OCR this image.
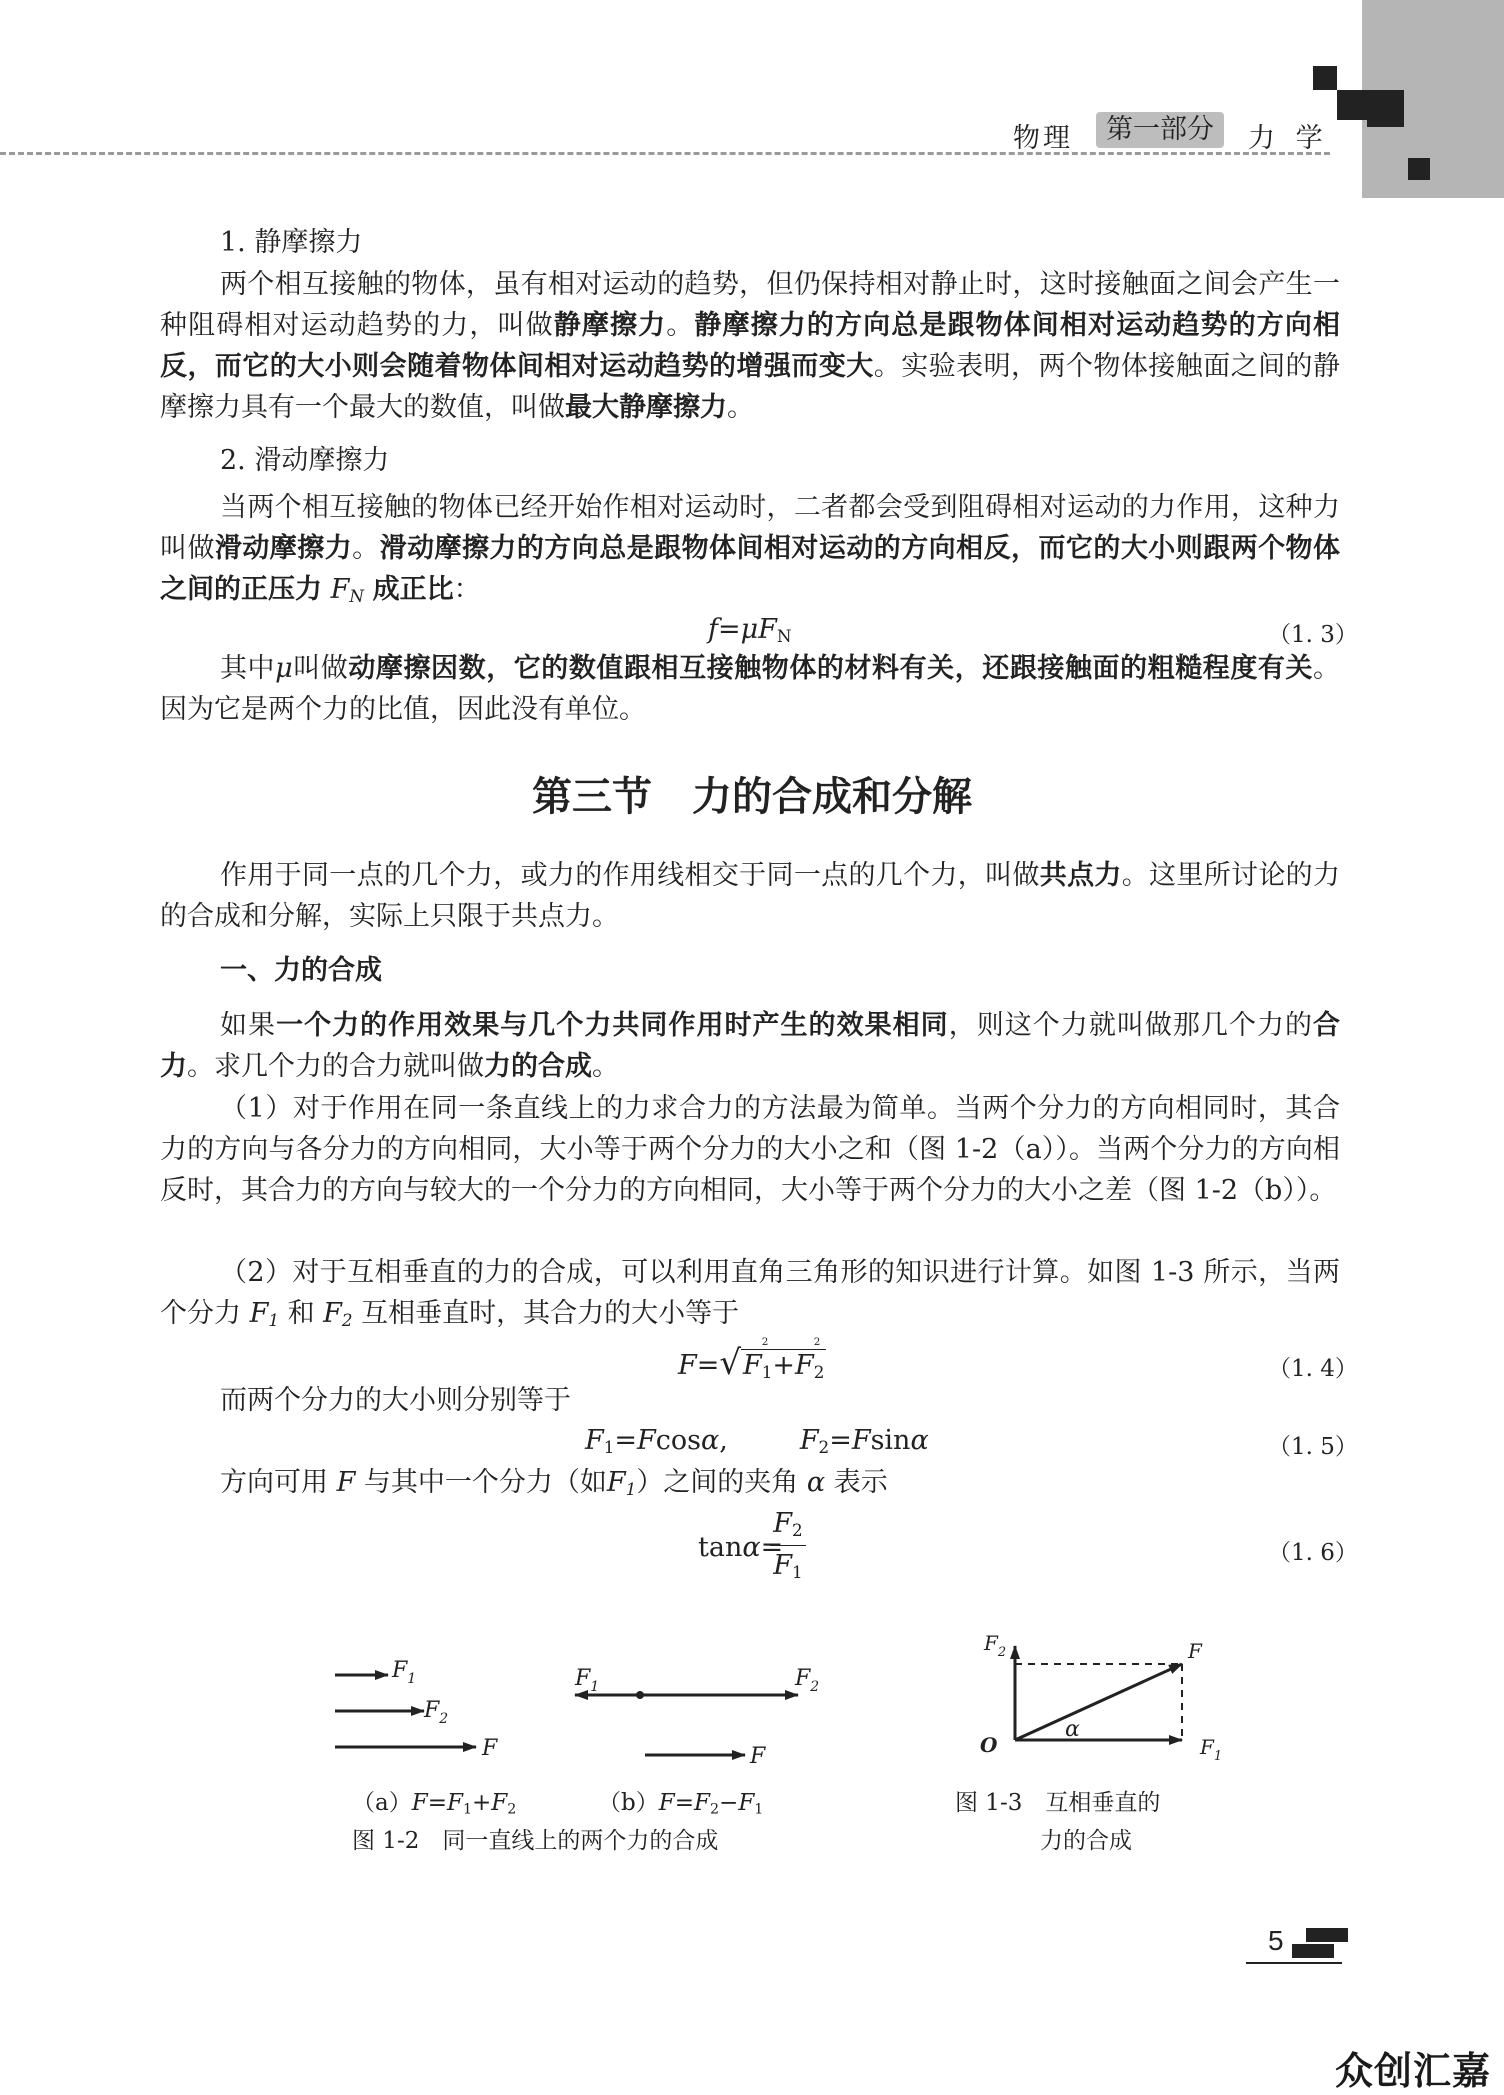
物理	第一部分	力 学
1. 静摩擦力
两个相互接触的物体，虽有相对运动的趋势，但仍保持相对静止时，这时接触面之间会产生一种阻碍相对运动趋势的力，叫做静摩擦力。静摩擦力的方向总是跟物体间相对运动趋势的方向相反，而它的大小则会随着物体间相对运动趋势的增强而变大。实验表明，两个物体接触面之间的静摩擦力具有一个最大的数值，叫做最大静摩擦力。
2. 滑动摩擦力
当两个相互接触的物体已经开始作相对运动时，二者都会受到阻碍相对运动的力作用，这种力叫做滑动摩擦力。滑动摩擦力的方向总是跟物体间相对运动的方向相反，而它的大小则跟两个物体之间的正压力 $F_N$ 成正比：
$f=\mu F_N$	（1. 3）
其中μ叫做动摩擦因数，它的数值跟相互接触物体的材料有关，还跟接触面的粗糙程度有关。因为它是两个力的比值，因此没有单位。
第三节　力的合成和分解
作用于同一点的几个力，或力的作用线相交于同一点的几个力，叫做共点力。这里所讨论的力的合成和分解，实际上只限于共点力。
一、力的合成
如果一个力的作用效果与几个力共同作用时产生的效果相同，则这个力就叫做那几个力的合力。求几个力的合力就叫做力的合成。
（1）对于作用在同一条直线上的力求合力的方法最为简单。当两个分力的方向相同时，其合力的方向与各分力的方向相同，大小等于两个分力的大小之和（图 1-2（a））。当两个分力的方向相反时，其合力的方向与较大的一个分力的方向相同，大小等于两个分力的大小之差（图 1-2（b））。
（2）对于互相垂直的力的合成，可以利用直角三角形的知识进行计算。如图 1-3 所示，当两个分力 $F_1$ 和 $F_2$ 互相垂直时，其合力的大小等于
F=√F
$_{2 1}$+F
$_{2 2}$	（1. 4）
而两个分力的大小则分别等于
$F_1=Fcos\alpha$,	$F_2=Fsin\alpha$	（1. 5）
方向可用 F 与其中一个分力（如$F_1$）之间的夹角 α 表示
tanα=
$F_2$
$F_1$
（1. 6）
$F_1$
$F_2$
F
$F_1$	$F_2$
F
$(a)F=F_1+F_2$	$(b)F=F_2-F_1$
图 1-2　同一直线上的两个力的合成
O
α
$F_2$	F
$F_1$
图 1-3　互相垂直的
力的合成
5
众创汇嘉
